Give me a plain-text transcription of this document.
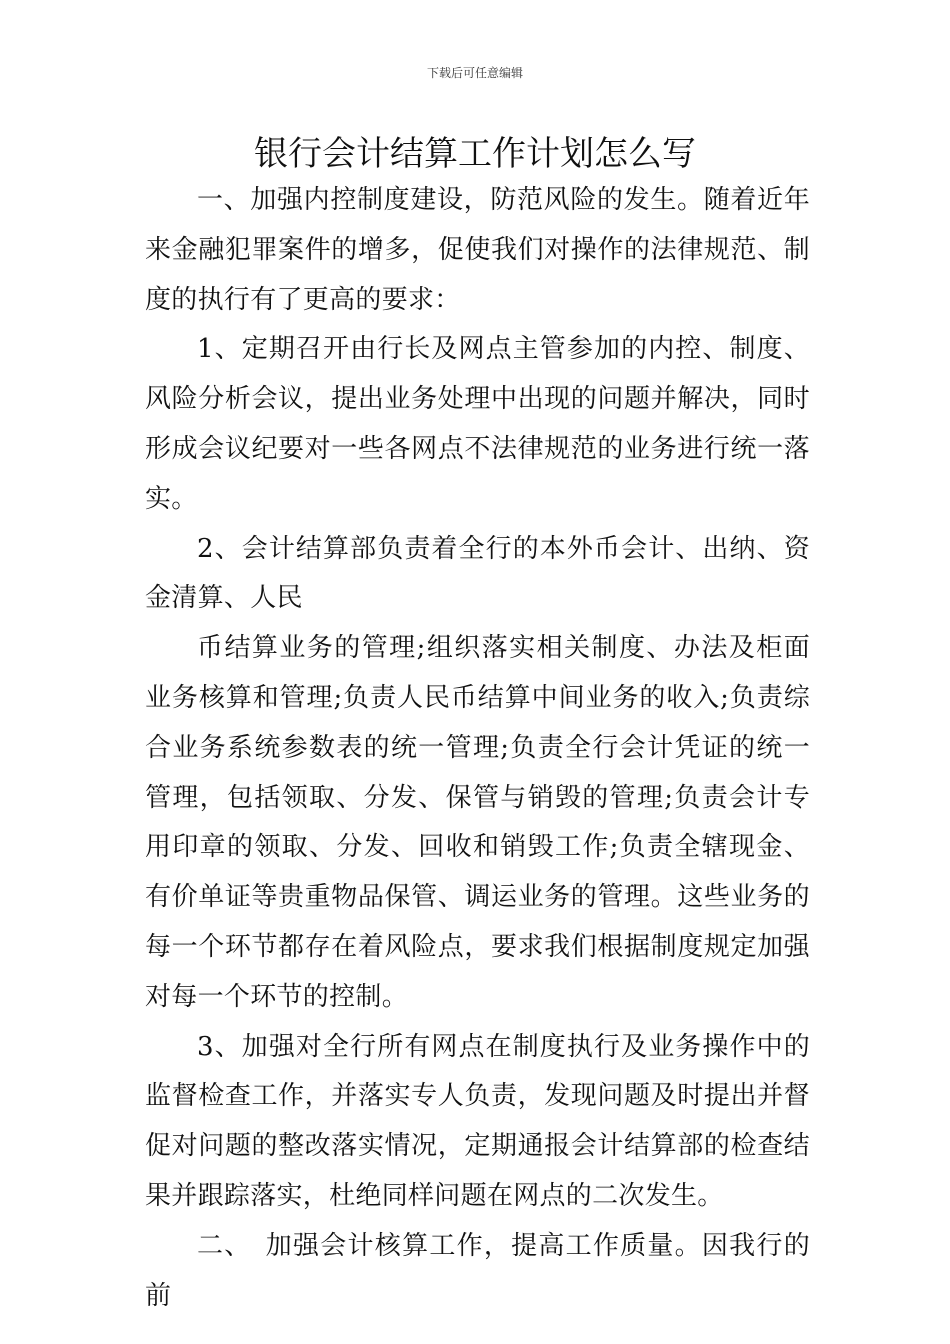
下载后可任意编辑
银行会计结算工作计划怎么写

一、加强内控制度建设，防范风险的发生。随着近年来金融犯罪案件的增多，促使我们对操作的法律规范、制度的执行有了更高的要求：

1、定期召开由行长及网点主管参加的内控、制度、风险分析会议，提出业务处理中出现的问题并解决，同时形成会议纪要对一些各网点不法律规范的业务进行统一落实。

2、会计结算部负责着全行的本外币会计、出纳、资金清算、人民

币结算业务的管理;组织落实相关制度、办法及柜面业务核算和管理;负责人民币结算中间业务的收入;负责综合业务系统参数表的统一管理;负责全行会计凭证的统一管理，包括领取、分发、保管与销毁的管理;负责会计专用印章的领取、分发、回收和销毁工作;负责全辖现金、有价单证等贵重物品保管、调运业务的管理。这些业务的每一个环节都存在着风险点，要求我们根据制度规定加强对每一个环节的控制。

3、加强对全行所有网点在制度执行及业务操作中的监督检查工作，并落实专人负责，发现问题及时提出并督促对问题的整改落实情况，定期通报会计结算部的检查结果并跟踪落实，杜绝同样问题在网点的二次发生。

二、　加强会计核算工作，提高工作质量。因我行的前
